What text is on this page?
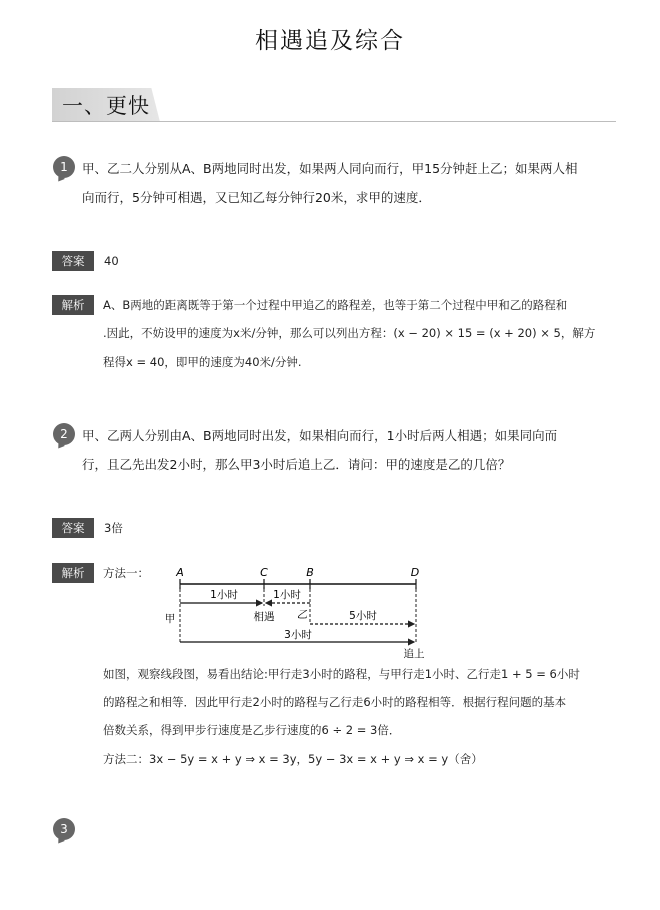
相遇追及综合
一、更快
1	甲、乙二人分别从A、B两地同时出发，如果两人同向而行，甲15分钟赶上乙；如果两人相
向而行，5分钟可相遇，又已知乙每分钟行20米，求甲的速度．
答案	40
解析	A、B两地的距离既等于第一个过程中甲追乙的路程差，也等于第二个过程中甲和乙的路程和
.因此，不妨设甲的速度为x米/分钟，那么可以列出方程：(x − 20) × 15 = (x + 20) × 5，解方
程得x = 40，即甲的速度为40米/分钟.
2	甲、乙两人分别由A、B两地同时出发，如果相向而行，1小时后两人相遇；如果同向而
行，且乙先出发2小时，那么甲3小时后追上乙．请问：甲的速度是乙的几倍？
答案	3倍
解析	方法一： A	C	B	D
1小时	1小时
相遇 乙
甲	5小时
3小时
追上
如图，观察线段图，易看出结论:甲行走3小时的路程，与甲行走1小时、乙行走1 + 5 = 6小时
的路程之和相等．因此甲行走2小时的路程与乙行走6小时的路程相等．根据行程问题的基本
倍数关系，得到甲步行速度是乙步行速度的6 ÷ 2 = 3倍．
方法二：3x − 5y = x + y ⇒ x = 3y，5y − 3x = x + y ⇒ x = y（舍）
3
